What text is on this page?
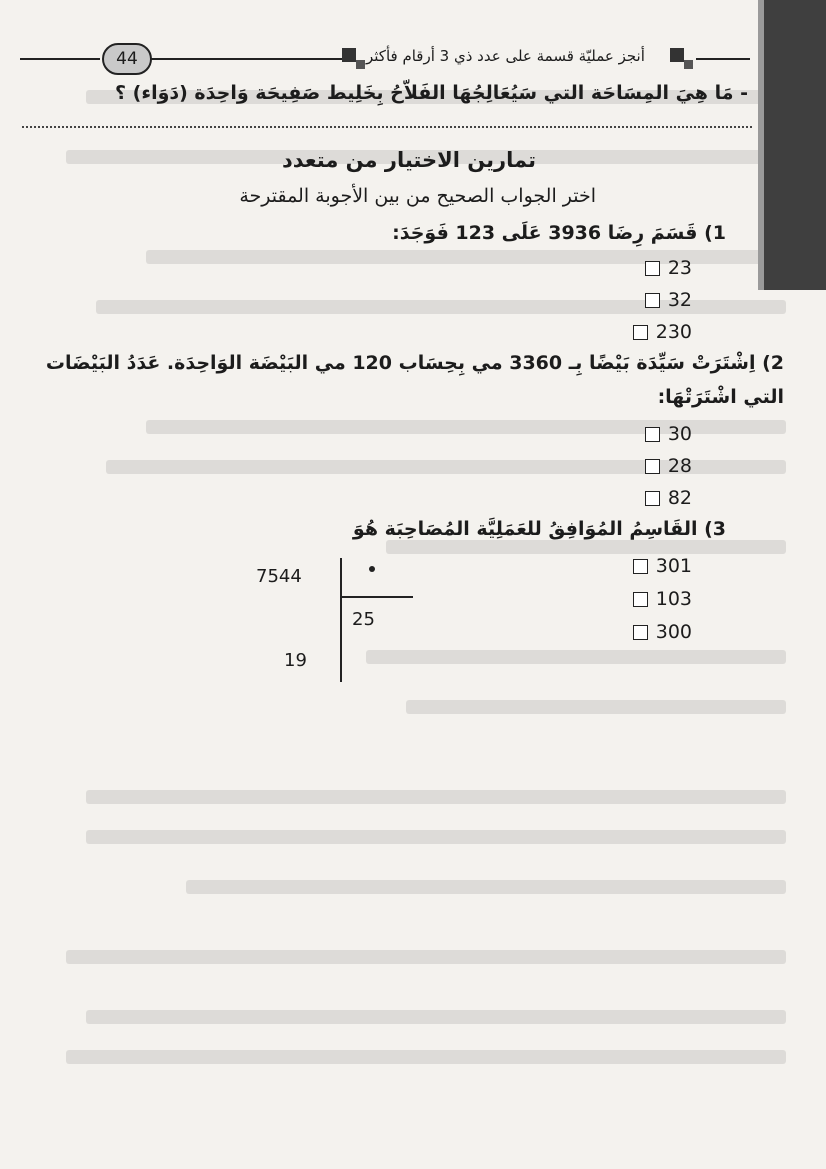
44	أنجز عمليّة قسمة على عدد ذي 3 أرقام فأكثر
- مَا هِيَ المِسَاحَة التي سَيُعَالِجُهَا الفَلاّحُ بِخَلِيط صَفِيحَة وَاحِدَة (دَوَاء) ؟
تمارين الاختيار من متعدد
اختر الجواب الصحيح من بين الأجوبة المقترحة
1) قَسَمَ رِضَا 3936 عَلَى 123 فَوَجَدَ:
23
32
230
2) اِشْتَرَتْ سَيِّدَة بَيْضًا بِـ 3360 مي بِحِسَاب 120 مي البَيْضَة الوَاحِدَة. عَدَدُ البَيْضَات
التي اشْتَرَتْهَا:
30
28
82
3) القَاسِمُ المُوَافِقُ للعَمَلِيَّة المُصَاحِبَة هُوَ
301
103
300
7544
25
19
